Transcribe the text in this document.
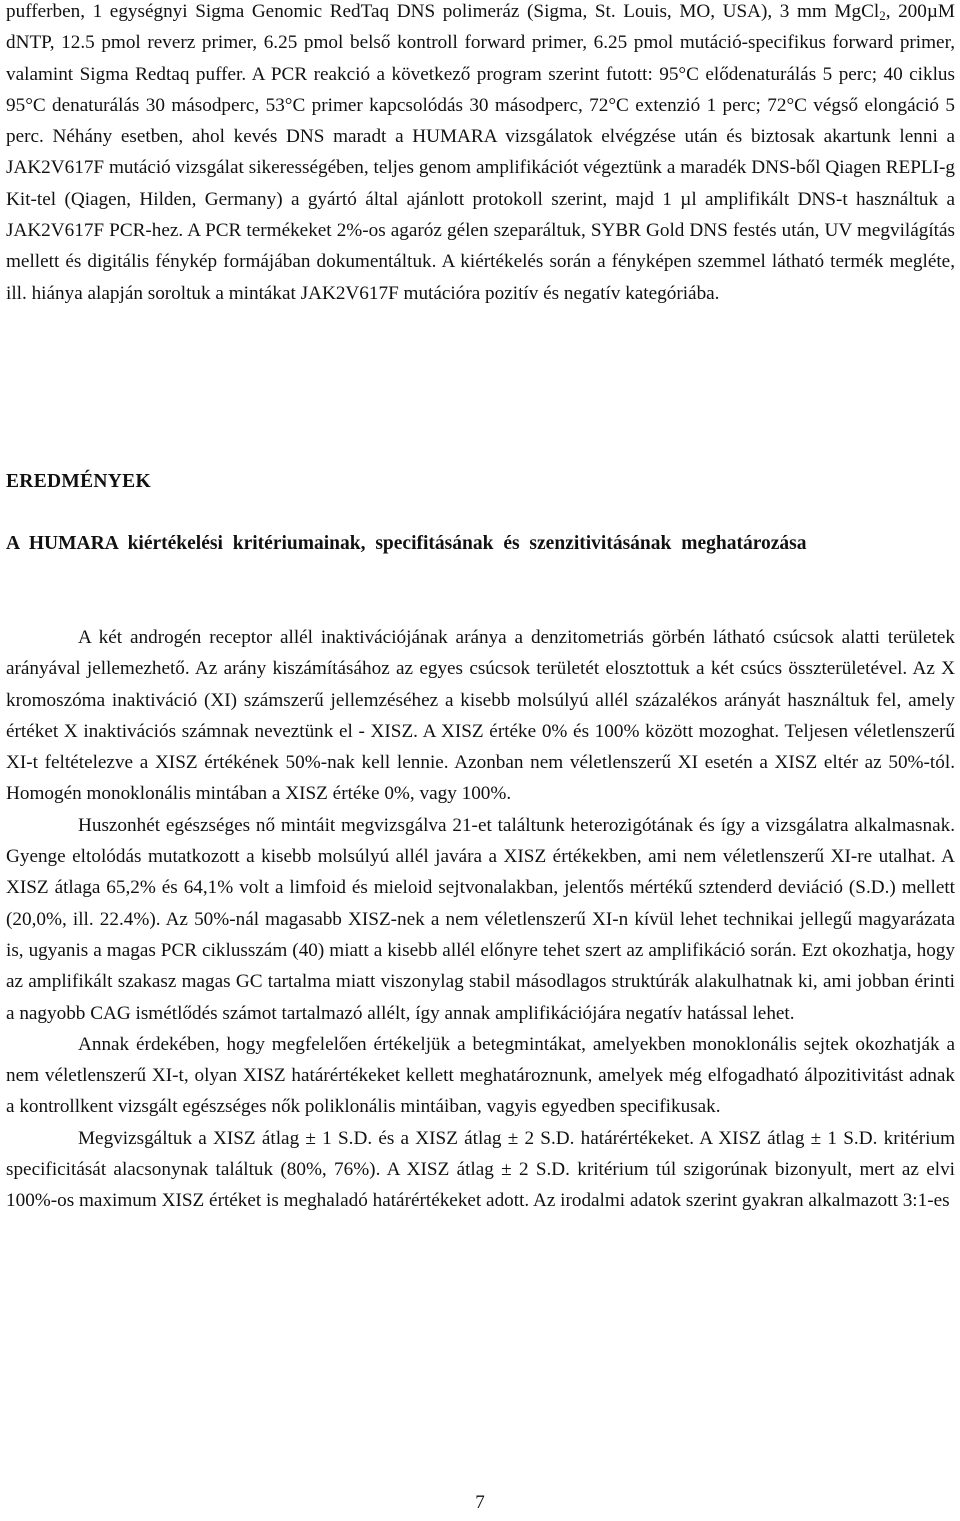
pufferben, 1 egységnyi Sigma Genomic RedTaq DNS polimeráz (Sigma, St. Louis, MO, USA), 3 mm MgCl$_2$, 200µM dNTP, 12.5 pmol reverz primer, 6.25 pmol belső kontroll forward primer, 6.25 pmol mutáció-specifikus forward primer, valamint Sigma Redtaq puffer. A PCR reakció a következő program szerint futott: 95°C elődenaturálás 5 perc; 40 ciklus 95°C denaturálás 30 másodperc, 53°C primer kapcsolódás 30 másodperc, 72°C extenzió 1 perc; 72°C végső elongáció 5 perc. Néhány esetben, ahol kevés DNS maradt a HUMARA vizsgálatok elvégzése után és biztosak akartunk lenni a JAK2V617F mutáció vizsgálat sikerességében, teljes genom amplifikációt végeztünk a maradék DNS-ből Qiagen REPLI-g Kit-tel (Qiagen, Hilden, Germany) a gyártó által ajánlott protokoll szerint, majd 1 µl amplifikált DNS-t használtuk a JAK2V617F PCR-hez. A PCR termékeket 2%-os agaróz gélen szeparáltuk, SYBR Gold DNS festés után, UV megvilágítás mellett és digitális fénykép formájában dokumentáltuk. A kiértékelés során a fényképen szemmel látható termék megléte, ill. hiánya alapján soroltuk a mintákat JAK2V617F mutációra pozitív és negatív kategóriába.

EREDMÉNYEK
A HUMARA kiértékelési kritériumainak, specifitásának és szenzitivitásának meghatározása

A két androgén receptor allél inaktivációjának aránya a denzitometriás görbén látható csúcsok alatti területek arányával jellemezhető. Az arány kiszámításához az egyes csúcsok területét elosztottuk a két csúcs összterületével. Az X kromoszóma inaktiváció (XI) számszerű jellemzéséhez a kisebb molsúlyú allél százalékos arányát használtuk fel, amely értéket X inaktivációs számnak neveztünk el - XISZ. A XISZ értéke 0% és 100% között mozoghat. Teljesen véletlenszerű XI-t feltételezve a XISZ értékének 50%-nak kell lennie. Azonban nem véletlenszerű XI esetén a XISZ eltér az 50%-tól. Homogén monoklonális mintában a XISZ értéke 0%, vagy 100%.

Huszonhét egészséges nő mintáit megvizsgálva 21-et találtunk heterozigótának és így a vizsgálatra alkalmasnak. Gyenge eltolódás mutatkozott a kisebb molsúlyú allél javára a XISZ értékekben, ami nem véletlenszerű XI-re utalhat. A XISZ átlaga 65,2% és 64,1% volt a limfoid és mieloid sejtvonalakban, jelentős mértékű sztenderd deviáció (S.D.) mellett (20,0%, ill. 22.4%). Az 50%-nál magasabb XISZ-nek a nem véletlenszerű XI-n kívül lehet technikai jellegű magyarázata is, ugyanis a magas PCR ciklusszám (40) miatt a kisebb allél előnyre tehet szert az amplifikáció során. Ezt okozhatja, hogy az amplifikált szakasz magas GC tartalma miatt viszonylag stabil másodlagos struktúrák alakulhatnak ki, ami jobban érinti a nagyobb CAG ismétlődés számot tartalmazó allélt, így annak amplifikációjára negatív hatással lehet.

Annak érdekében, hogy megfelelően értékeljük a betegmintákat, amelyekben monoklonális sejtek okozhatják a nem véletlenszerű XI-t, olyan XISZ határértékeket kellett meghatároznunk, amelyek még elfogadható álpozitivitást adnak a kontrollkent vizsgált egészséges nők poliklonális mintáiban, vagyis egyedben specifikusak.

Megvizsgáltuk a XISZ átlag ± 1 S.D. és a XISZ átlag ± 2 S.D. határértékeket. A XISZ átlag ± 1 S.D. kritérium specificitását alacsonynak találtuk (80%, 76%). A XISZ átlag ± 2 S.D. kritérium túl szigorúnak bizonyult, mert az elvi 100%-os maximum XISZ értéket is meghaladó határértékeket adott. Az irodalmi adatok szerint gyakran alkalmazott 3:1-es

7
